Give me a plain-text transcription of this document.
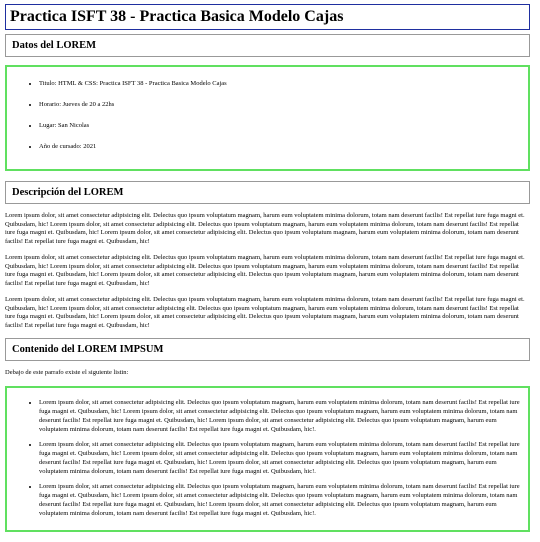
Practica ISFT 38 - Practica Basica Modelo Cajas
Datos del LOREM
• Titulo: HTML & CSS: Practica ISFT 38 - Practica Basica Modelo Cajas
• Horario: Jueves de 20 a 22hs
• Lugar: San Nicolas
• Año de cursado: 2021
Descripción del LOREM

Lorem ipsum dolor, sit amet consectetur adipisicing elit. Delectus quo ipsum voluptatum magnam, harum eum voluptatem minima dolorum, totam nam deserunt facilis! Est repellat iure fuga magni et. Quibusdam, hic! Lorem ipsum dolor, sit amet consectetur adipisicing elit. Delectus quo ipsum voluptatum magnam, harum eum voluptatem minima dolorum, totam nam deserunt facilis! Est repellat iure fuga magni et. Quibusdam, hic! Lorem ipsum dolor, sit amet consectetur adipisicing elit. Delectus quo ipsum voluptatum magnam, harum eum voluptatem minima dolorum, totam nam deserunt facilis! Est repellat iure fuga magni et. Quibusdam, hic!

Lorem ipsum dolor, sit amet consectetur adipisicing elit. Delectus quo ipsum voluptatum magnam, harum eum voluptatem minima dolorum, totam nam deserunt facilis! Est repellat iure fuga magni et. Quibusdam, hic! Lorem ipsum dolor, sit amet consectetur adipisicing elit. Delectus quo ipsum voluptatum magnam, harum eum voluptatem minima dolorum, totam nam deserunt facilis! Est repellat iure fuga magni et. Quibusdam, hic! Lorem ipsum dolor, sit amet consectetur adipisicing elit. Delectus quo ipsum voluptatum magnam, harum eum voluptatem minima dolorum, totam nam deserunt facilis! Est repellat iure fuga magni et. Quibusdam, hic!

Lorem ipsum dolor, sit amet consectetur adipisicing elit. Delectus quo ipsum voluptatum magnam, harum eum voluptatem minima dolorum, totam nam deserunt facilis! Est repellat iure fuga magni et. Quibusdam, hic! Lorem ipsum dolor, sit amet consectetur adipisicing elit. Delectus quo ipsum voluptatum magnam, harum eum voluptatem minima dolorum, totam nam deserunt facilis! Est repellat iure fuga magni et. Quibusdam, hic! Lorem ipsum dolor, sit amet consectetur adipisicing elit. Delectus quo ipsum voluptatum magnam, harum eum voluptatem minima dolorum, totam nam deserunt facilis! Est repellat iure fuga magni et. Quibusdam, hic!

Contenido del LOREM IMPSUM

Debajo de este parrafo existe el siguiente listin:

• Lorem ipsum dolor, sit amet consectetur adipisicing elit. Delectus quo ipsum voluptatum magnam, harum eum voluptatem minima dolorum, totam nam deserunt facilis! Est repellat iure fuga magni et. Quibusdam, hic! Lorem ipsum dolor, sit amet consectetur adipisicing elit. Delectus quo ipsum voluptatum magnam, harum eum voluptatem minima dolorum, totam nam deserunt facilis! Est repellat iure fuga magni et. Quibusdam, hic! Lorem ipsum dolor, sit amet consectetur adipisicing elit. Delectus quo ipsum voluptatum magnam, harum eum voluptatem minima dolorum, totam nam deserunt facilis! Est repellat iure fuga magni et. Quibusdam, hic!.
• Lorem ipsum dolor, sit amet consectetur adipisicing elit. Delectus quo ipsum voluptatum magnam, harum eum voluptatem minima dolorum, totam nam deserunt facilis! Est repellat iure fuga magni et. Quibusdam, hic! Lorem ipsum dolor, sit amet consectetur adipisicing elit. Delectus quo ipsum voluptatum magnam, harum eum voluptatem minima dolorum, totam nam deserunt facilis! Est repellat iure fuga magni et. Quibusdam, hic! Lorem ipsum dolor, sit amet consectetur adipisicing elit. Delectus quo ipsum voluptatum magnam, harum eum voluptatem minima dolorum, totam nam deserunt facilis! Est repellat iure fuga magni et. Quibusdam, hic!.
• Lorem ipsum dolor, sit amet consectetur adipisicing elit. Delectus quo ipsum voluptatum magnam, harum eum voluptatem minima dolorum, totam nam deserunt facilis! Est repellat iure fuga magni et. Quibusdam, hic! Lorem ipsum dolor, sit amet consectetur adipisicing elit. Delectus quo ipsum voluptatum magnam, harum eum voluptatem minima dolorum, totam nam deserunt facilis! Est repellat iure fuga magni et. Quibusdam, hic! Lorem ipsum dolor, sit amet consectetur adipisicing elit. Delectus quo ipsum voluptatum magnam, harum eum voluptatem minima dolorum, totam nam deserunt facilis! Est repellat iure fuga magni et. Quibusdam, hic!.
